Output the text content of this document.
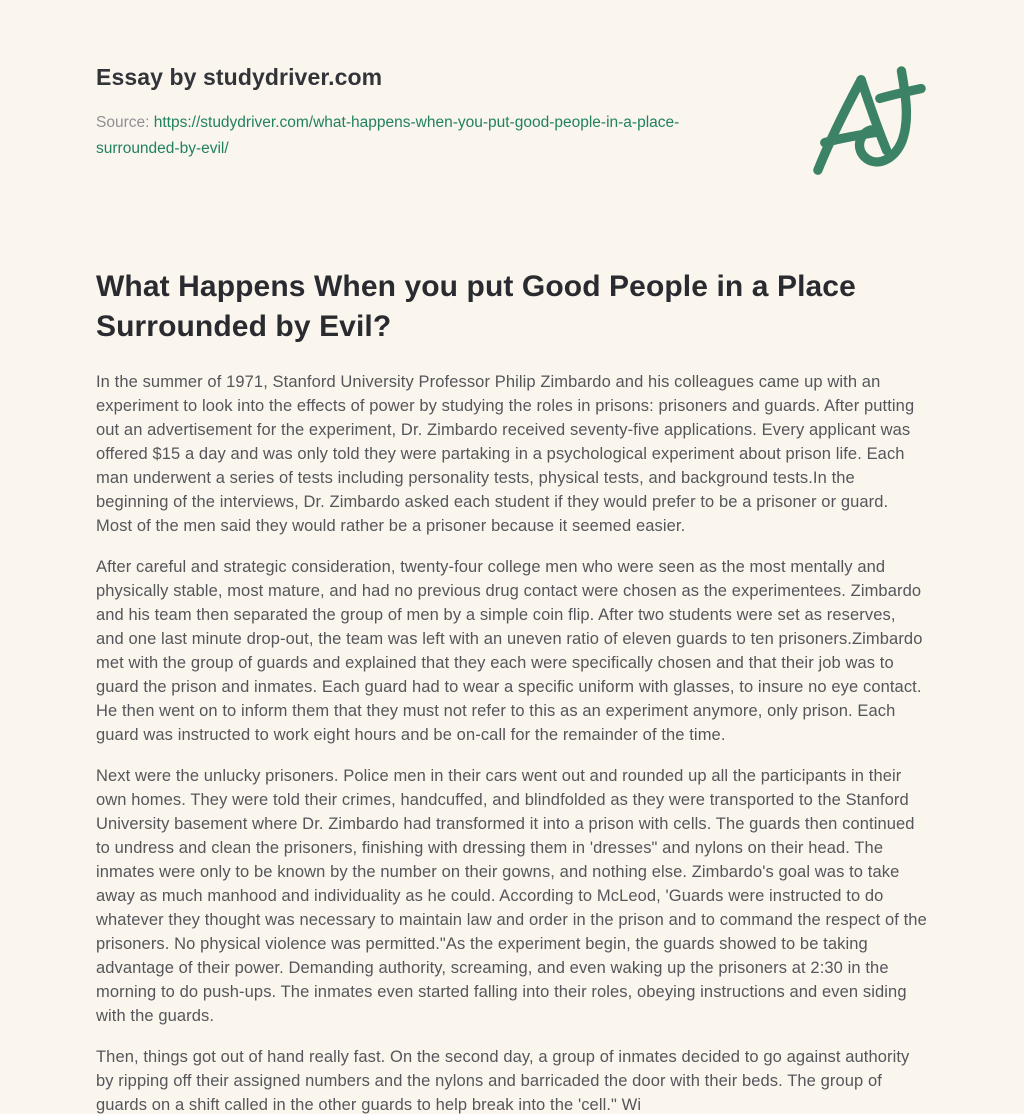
Essay by studydriver.com
Source: https://studydriver.com/what-happens-when-you-put-good-people-in-a-place-surrounded-by-evil/
What Happens When you put Good People in a Place Surrounded by Evil?

In the summer of 1971, Stanford University Professor Philip Zimbardo and his colleagues came up with an experiment to look into the effects of power by studying the roles in prisons: prisoners and guards. After putting out an advertisement for the experiment, Dr. Zimbardo received seventy-five applications. Every applicant was offered $15 a day and was only told they were partaking in a psychological experiment about prison life. Each man underwent a series of tests including personality tests, physical tests, and background tests.In the beginning of the interviews, Dr. Zimbardo asked each student if they would prefer to be a prisoner or guard. Most of the men said they would rather be a prisoner because it seemed easier.

After careful and strategic consideration, twenty-four college men who were seen as the most mentally and physically stable, most mature, and had no previous drug contact were chosen as the experimentees. Zimbardo and his team then separated the group of men by a simple coin flip. After two students were set as reserves, and one last minute drop-out, the team was left with an uneven ratio of eleven guards to ten prisoners.Zimbardo met with the group of guards and explained that they each were specifically chosen and that their job was to guard the prison and inmates. Each guard had to wear a specific uniform with glasses, to insure no eye contact. He then went on to inform them that they must not refer to this as an experiment anymore, only prison. Each guard was instructed to work eight hours and be on-call for the remainder of the time.

Next were the unlucky prisoners. Police men in their cars went out and rounded up all the participants in their own homes. They were told their crimes, handcuffed, and blindfolded as they were transported to the Stanford University basement where Dr. Zimbardo had transformed it into a prison with cells. The guards then continued to undress and clean the prisoners, finishing with dressing them in 'dresses" and nylons on their head. The inmates were only to be known by the number on their gowns, and nothing else. Zimbardo's goal was to take away as much manhood and individuality as he could. According to McLeod, 'Guards were instructed to do whatever they thought was necessary to maintain law and order in the prison and to command the respect of the prisoners. No physical violence was permitted."As the experiment begin, the guards showed to be taking advantage of their power. Demanding authority, screaming, and even waking up the prisoners at 2:30 in the morning to do push-ups. The inmates even started falling into their roles, obeying instructions and even siding with the guards.

Then, things got out of hand really fast. On the second day, a group of inmates decided to go against authority by ripping off their assigned numbers and the nylons and barricaded the door with their beds. The group of guards on a shift called in the other guards to help break into the 'cell." Wi
